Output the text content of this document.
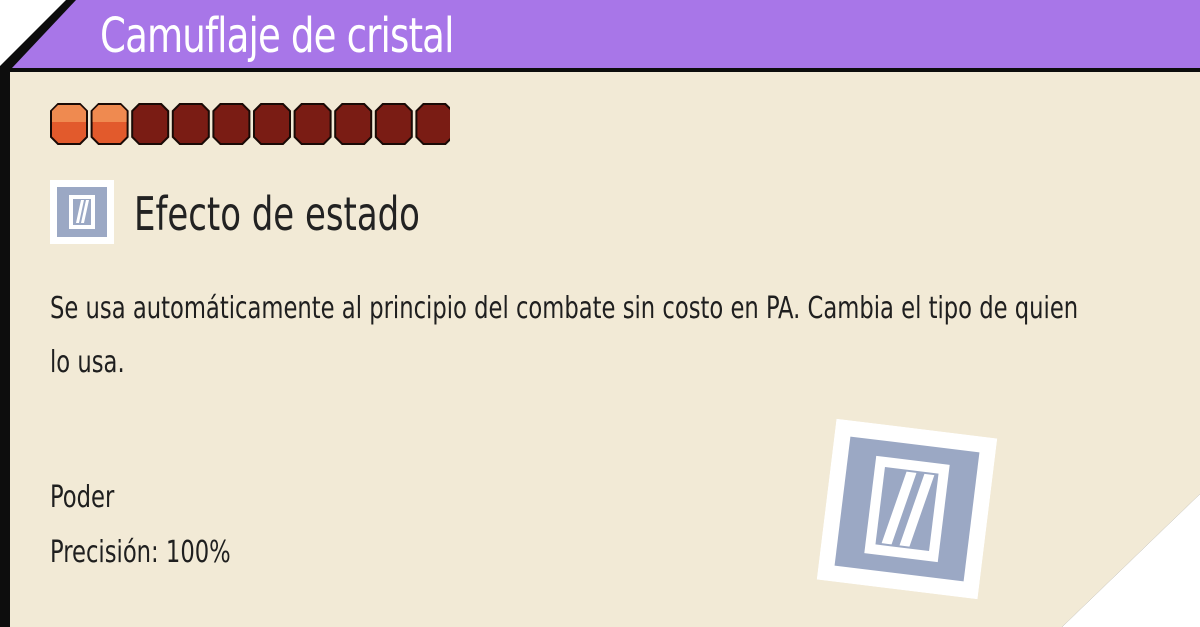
Camuflaje de cristal
Efecto de estado
Se usa automáticamente al principio del combate sin costo en PA. Cambia el tipo de quien lo usa.
Poder
Precisión: 100%
